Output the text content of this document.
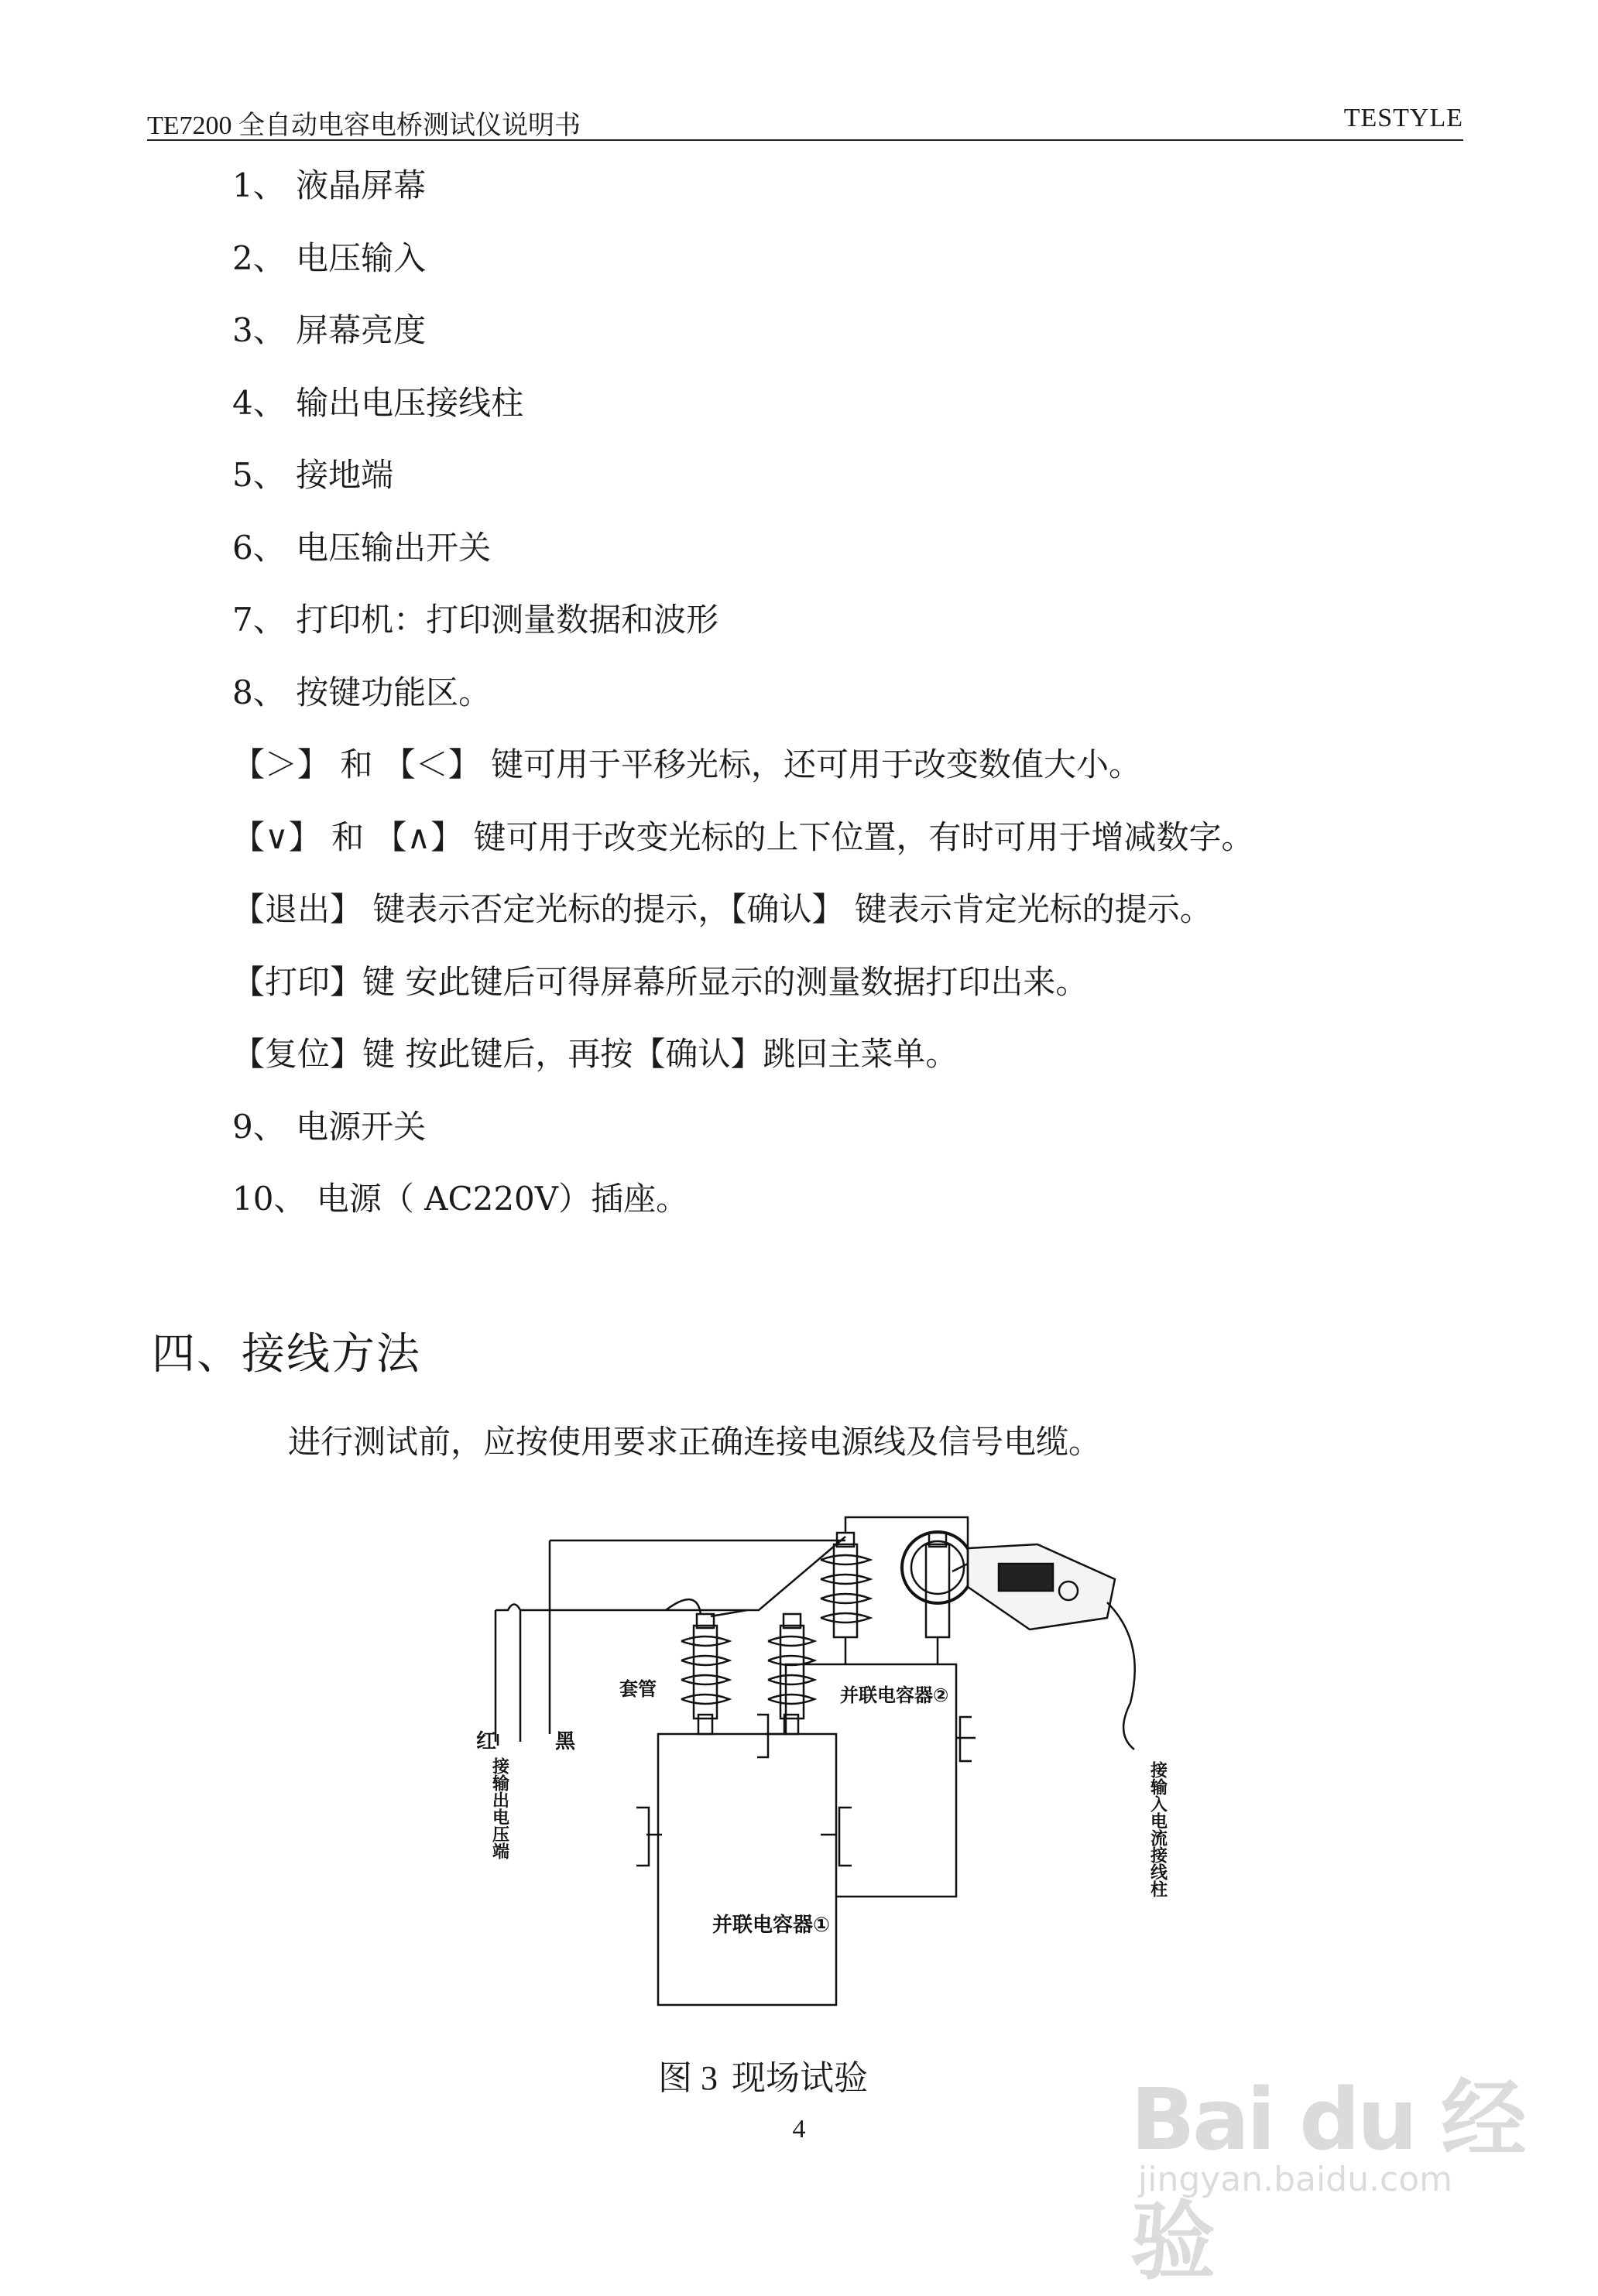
TE7200 全自动电容电桥测试仪说明书	TESTYLE
1、 液晶屏幕
2、 电压输入
3、 屏幕亮度
4、 输出电压接线柱
5、 接地端
6、 电压输出开关
7、 打印机：打印测量数据和波形
8、 按键功能区。
【＞】 和 【＜】 键可用于平移光标，还可用于改变数值大小。
【∨】 和 【∧】 键可用于改变光标的上下位置，有时可用于增减数字。
【退出】 键表示否定光标的提示，【确认】 键表示肯定光标的提示。
【打印】键 安此键后可得屏幕所显示的测量数据打印出来。
【复位】键 按此键后，再按【确认】跳回主菜单。
9、 电源开关
10、 电源（ AC220V）插座。
四、接线方法
进行测试前，应按使用要求正确连接电源线及信号电缆。
红	黑
套管
接输出电压端	接输入电流接线柱
并联电容器①
并联电容器②
图 3 现场试验
4	Bai du 经验
jingyan.baidu.com
